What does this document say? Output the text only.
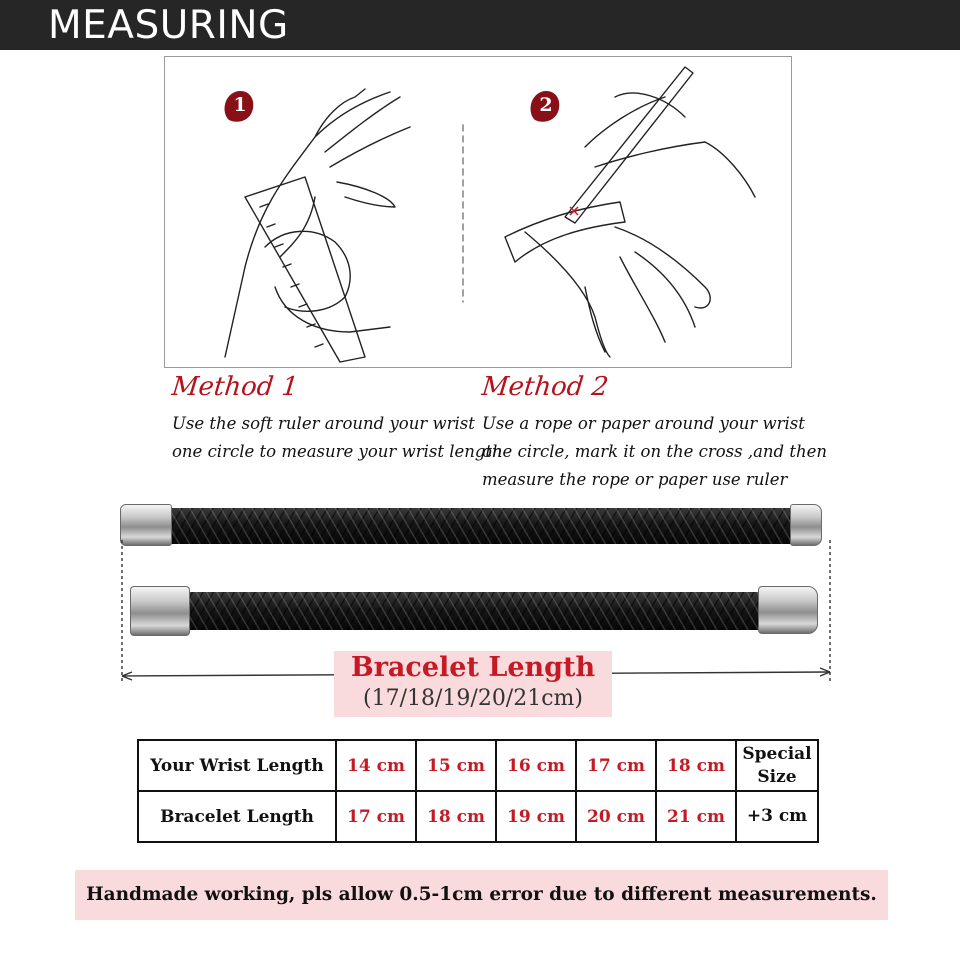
MEASURING
1	2
Method 1
Use the soft ruler around your wrist
one circle to measure your wrist length
Method 2
Use a rope or paper around your wrist
one circle, mark it on the cross ,and then
measure the rope or paper use ruler
Bracelet Length
(17/18/19/20/21cm)
Your Wrist Length	14 cm	15 cm	16 cm	17 cm	18 cm	Special
Size

Bracelet Length	17 cm	18 cm	19 cm	20 cm	21 cm	+3 cm
Handmade working, pls allow 0.5-1cm error due to different measurements.
